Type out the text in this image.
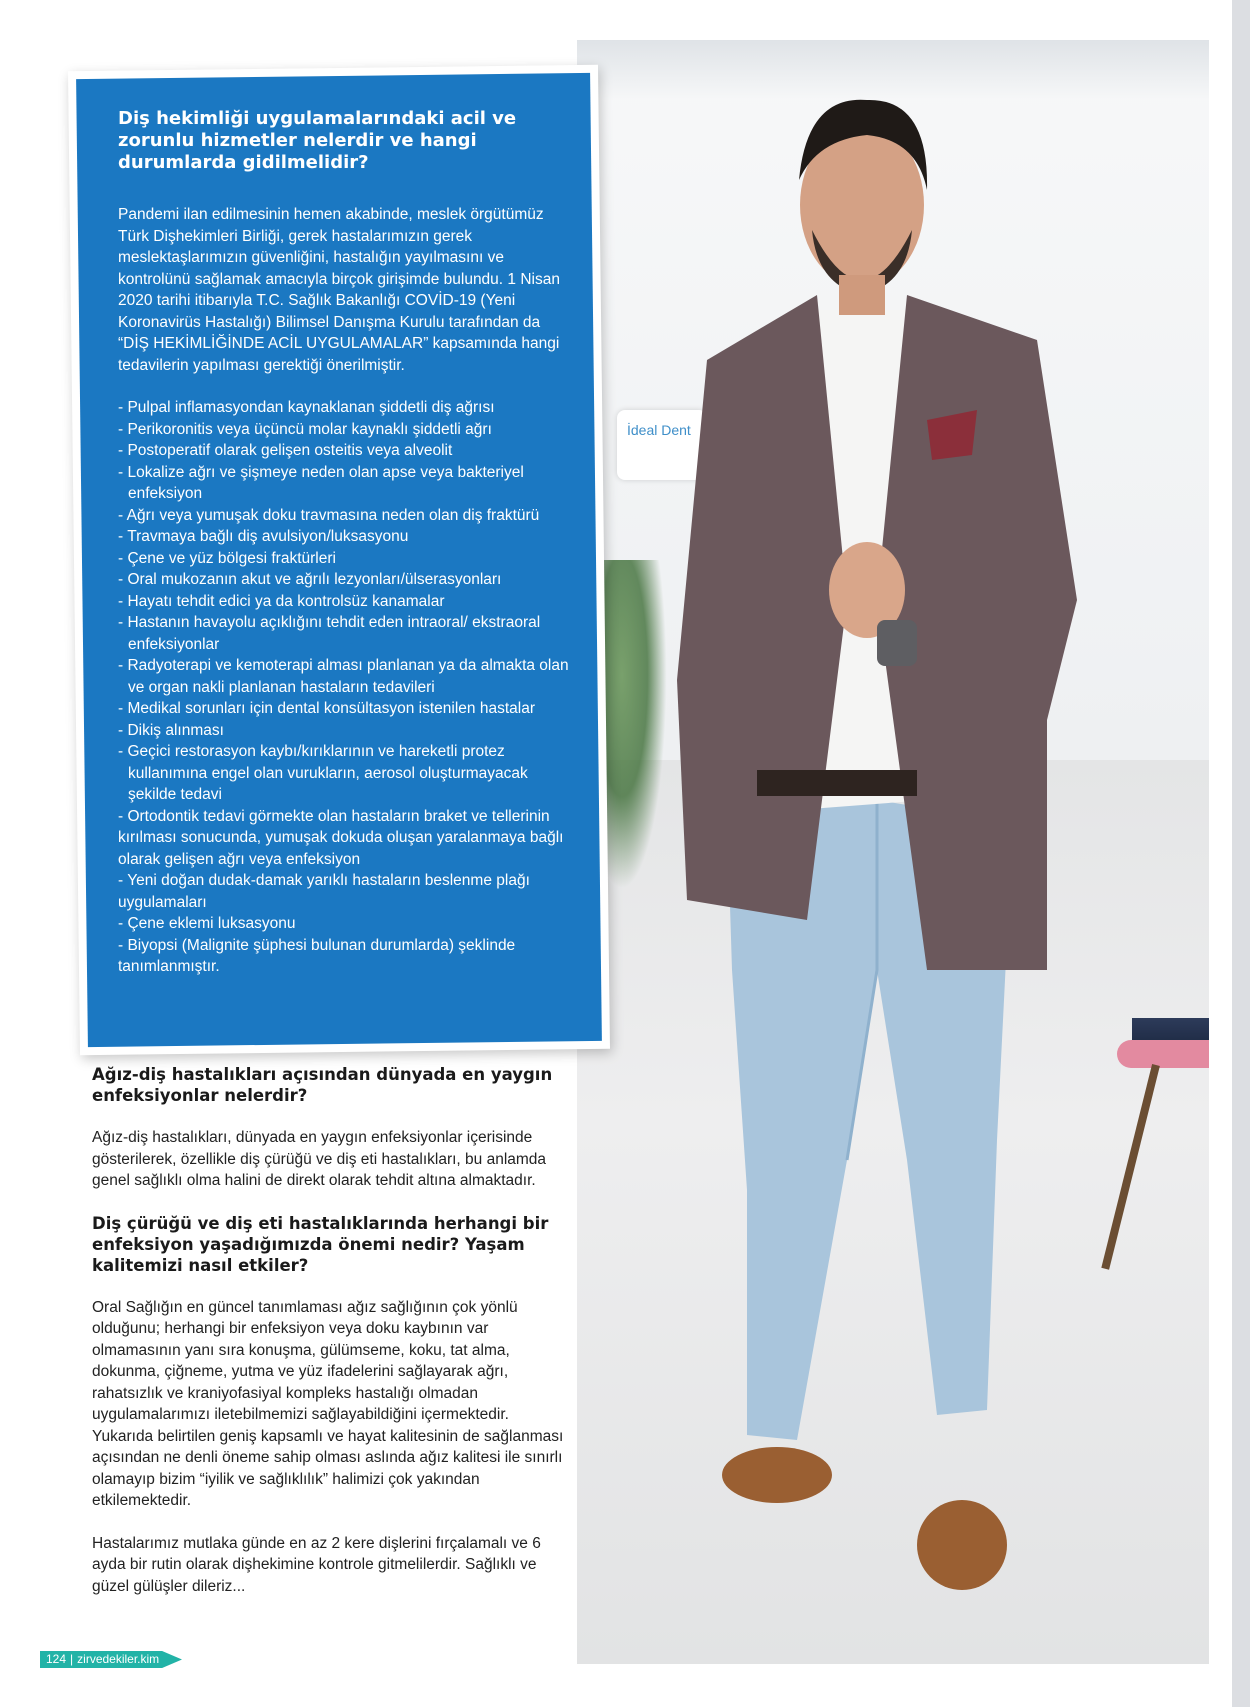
İdeal Dent

Diş hekimliği uygulamalarındaki acil ve zorunlu hizmetler nelerdir ve hangi durumlarda gidilmelidir?

Pandemi ilan edilmesinin hemen akabinde, meslek örgütümüz Türk Dişhekimleri Birliği, gerek hastalarımızın gerek meslektaşlarımızın güvenliğini, hastalığın yayılmasını ve kontrolünü sağlamak amacıyla birçok girişimde bulundu. 1 Nisan 2020 tarihi itibarıyla T.C. Sağlık Bakanlığı COVİD-19 (Yeni Koronavirüs Hastalığı) Bilimsel Danışma Kurulu tarafından da “DİŞ HEKİMLİĞİNDE ACİL UYGULAMALAR” kapsamında hangi tedavilerin yapılması gerektiği önerilmiştir.

- Pulpal inflamasyondan kaynaklanan şiddetli diş ağrısı
- Perikoronitis veya üçüncü molar kaynaklı şiddetli ağrı
- Postoperatif olarak gelişen osteitis veya alveolit
- Lokalize ağrı ve şişmeye neden olan apse veya bakteriyel enfeksiyon
- Ağrı veya yumuşak doku travmasına neden olan diş fraktürü
- Travmaya bağlı diş avulsiyon/luksasyonu
- Çene ve yüz bölgesi fraktürleri
- Oral mukozanın akut ve ağrılı lezyonları/ülserasyonları
- Hayatı tehdit edici ya da kontrolsüz kanamalar
- Hastanın havayolu açıklığını tehdit eden intraoral/ ekstraoral enfeksiyonlar
- Radyoterapi ve kemoterapi alması planlanan ya da almakta olan ve organ nakli planlanan hastaların tedavileri
- Medikal sorunları için dental konsültasyon istenilen hastalar
- Dikiş alınması
- Geçici restorasyon kaybı/kırıklarının ve hareketli protez kullanımına engel olan vurukların, aerosol oluşturmayacak şekilde tedavi
- Ortodontik tedavi görmekte olan hastaların braket ve tellerinin kırılması sonucunda, yumuşak dokuda oluşan yaralanmaya bağlı olarak gelişen ağrı veya enfeksiyon
- Yeni doğan dudak-damak yarıklı hastaların beslenme plağı uygulamaları
- Çene eklemi luksasyonu
- Biyopsi (Malignite şüphesi bulunan durumlarda) şeklinde tanımlanmıştır.

Ağız-diş hastalıkları açısından dünyada en yaygın enfeksiyonlar nelerdir?

Ağız-diş hastalıkları, dünyada en yaygın enfeksiyonlar içerisinde gösterilerek, özellikle diş çürüğü ve diş eti hastalıkları, bu anlamda genel sağlıklı olma halini de direkt olarak tehdit altına almaktadır.

Diş çürüğü ve diş eti hastalıklarında herhangi bir enfeksiyon yaşadığımızda önemi nedir? Yaşam kalitemizi nasıl etkiler?

Oral Sağlığın en güncel tanımlaması ağız sağlığının çok yönlü olduğunu; herhangi bir enfeksiyon veya doku kaybının var olmamasının yanı sıra konuşma, gülümseme, koku, tat alma, dokunma, çiğneme, yutma ve yüz ifadelerini sağlayarak ağrı, rahatsızlık ve kraniyofasiyal kompleks hastalığı olmadan uygulamalarımızı iletebilmemizi sağlayabildiğini içermektedir. Yukarıda belirtilen geniş kapsamlı ve hayat kalitesinin de sağlanması açısından ne denli öneme sahip olması aslında ağız kalitesi ile sınırlı olamayıp bizim “iyilik ve sağlıklılık” halimizi çok yakından etkilemektedir.

Hastalarımız mutlaka günde en az 2 kere dişlerini fırçalamalı ve 6 ayda bir rutin olarak dişhekimine kontrole gitmelilerdir. Sağlıklı ve güzel gülüşler dileriz...

124 | zirvedekiler.kim
